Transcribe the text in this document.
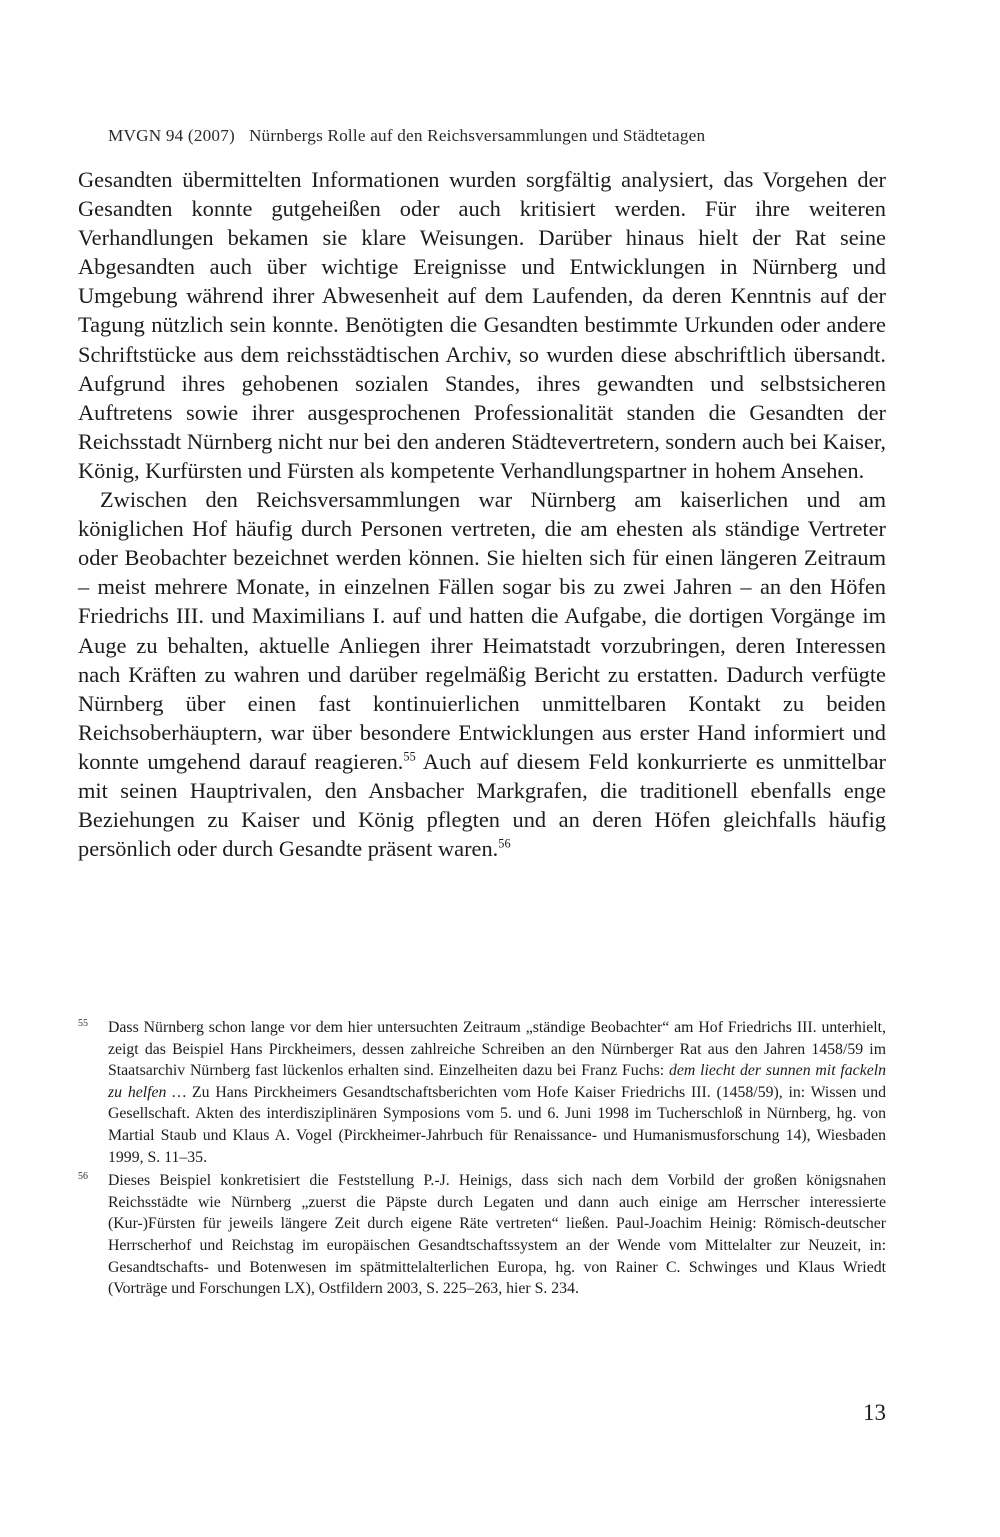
MVGN 94 (2007) Nürnbergs Rolle auf den Reichsversammlungen und Städtetagen

Gesandten übermittelten Informationen wurden sorgfältig analysiert, das Vorgehen der Gesandten konnte gutgeheißen oder auch kritisiert werden. Für ihre weiteren Verhandlungen bekamen sie klare Weisungen. Darüber hinaus hielt der Rat seine Abgesandten auch über wichtige Ereignisse und Entwicklungen in Nürnberg und Umgebung während ihrer Abwesenheit auf dem Laufenden, da deren Kenntnis auf der Tagung nützlich sein konnte. Benötigten die Gesandten bestimmte Urkunden oder andere Schriftstücke aus dem reichsstädtischen Archiv, so wurden diese abschriftlich übersandt. Aufgrund ihres gehobenen sozialen Standes, ihres gewandten und selbstsicheren Auftretens sowie ihrer ausgesprochenen Professionalität standen die Gesandten der Reichsstadt Nürnberg nicht nur bei den anderen Städtevertretern, sondern auch bei Kaiser, König, Kurfürsten und Fürsten als kompetente Verhandlungspartner in hohem Ansehen.

Zwischen den Reichsversammlungen war Nürnberg am kaiserlichen und am königlichen Hof häufig durch Personen vertreten, die am ehesten als ständige Vertreter oder Beobachter bezeichnet werden können. Sie hielten sich für einen längeren Zeitraum – meist mehrere Monate, in einzelnen Fällen sogar bis zu zwei Jahren – an den Höfen Friedrichs III. und Maximilians I. auf und hatten die Aufgabe, die dortigen Vorgänge im Auge zu behalten, aktuelle Anliegen ihrer Heimatstadt vorzubringen, deren Interessen nach Kräften zu wahren und darüber regelmäßig Bericht zu erstatten. Dadurch verfügte Nürnberg über einen fast kontinuierlichen unmittelbaren Kontakt zu beiden Reichsoberhäuptern, war über besondere Entwicklungen aus erster Hand informiert und konnte umgehend darauf reagieren.$^{55}$ Auch auf diesem Feld konkurrierte es unmittelbar mit seinen Hauptrivalen, den Ansbacher Markgrafen, die traditionell ebenfalls enge Beziehungen zu Kaiser und König pflegten und an deren Höfen gleichfalls häufig persönlich oder durch Gesandte präsent waren.$^{56}$

55 Dass Nürnberg schon lange vor dem hier untersuchten Zeitraum „ständige Beobachter“ am Hof Friedrichs III. unterhielt, zeigt das Beispiel Hans Pirckheimers, dessen zahlreiche Schreiben an den Nürnberger Rat aus den Jahren 1458/59 im Staatsarchiv Nürnberg fast lückenlos erhalten sind. Einzelheiten dazu bei Franz Fuchs: dem liecht der sunnen mit fackeln zu helfen … Zu Hans Pirckheimers Gesandtschaftsberichten vom Hofe Kaiser Friedrichs III. (1458/59), in: Wissen und Gesellschaft. Akten des interdisziplinären Symposions vom 5. und 6. Juni 1998 im Tucherschloß in Nürnberg, hg. von Martial Staub und Klaus A. Vogel (Pirckheimer-Jahrbuch für Renaissance- und Humanismusforschung 14), Wiesbaden 1999, S. 11–35.

56 Dieses Beispiel konkretisiert die Feststellung P.-J. Heinigs, dass sich nach dem Vorbild der großen königsnahen Reichsstädte wie Nürnberg „zuerst die Päpste durch Legaten und dann auch einige am Herrscher interessierte (Kur-)Fürsten für jeweils längere Zeit durch eigene Räte vertreten“ ließen. Paul-Joachim Heinig: Römisch-deutscher Herrscherhof und Reichstag im europäischen Gesandtschaftssystem an der Wende vom Mittelalter zur Neuzeit, in: Gesandtschafts- und Botenwesen im spätmittelalterlichen Europa, hg. von Rainer C. Schwinges und Klaus Wriedt (Vorträge und Forschungen LX), Ostfildern 2003, S. 225–263, hier S. 234.

13
